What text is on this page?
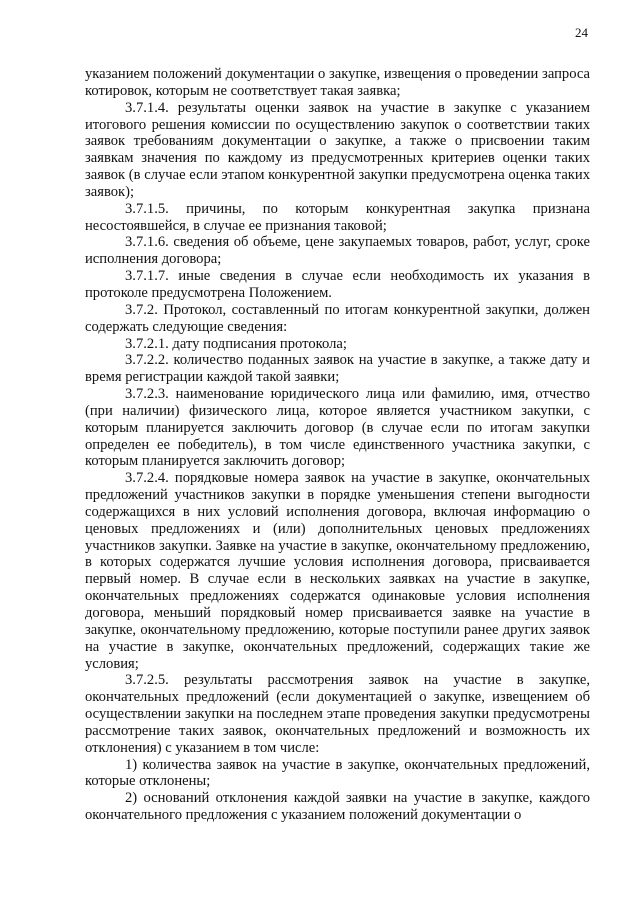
24

указанием положений документации о закупке, извещения о проведении запроса котировок, которым не соответствует такая заявка;

3.7.1.4. результаты оценки заявок на участие в закупке с указанием итогового решения комиссии по осуществлению закупок о соответствии таких заявок требованиям документации о закупке, а также о присвоении таким заявкам значения по каждому из предусмотренных критериев оценки таких заявок (в случае если этапом конкурентной закупки предусмотрена оценка таких заявок);

3.7.1.5. причины, по которым конкурентная закупка признана несостоявшейся, в случае ее признания таковой;

3.7.1.6. сведения об объеме, цене закупаемых товаров, работ, услуг, сроке исполнения договора;

3.7.1.7. иные сведения в случае если необходимость их указания в протоколе предусмотрена Положением.

3.7.2. Протокол, составленный по итогам конкурентной закупки, должен содержать следующие сведения:

3.7.2.1. дату подписания протокола;

3.7.2.2. количество поданных заявок на участие в закупке, а также дату и время регистрации каждой такой заявки;

3.7.2.3. наименование юридического лица или фамилию, имя, отчество (при наличии) физического лица, которое является участником закупки, с которым планируется заключить договор (в случае если по итогам закупки определен ее победитель), в том числе единственного участника закупки, с которым планируется заключить договор;

3.7.2.4. порядковые номера заявок на участие в закупке, окончательных предложений участников закупки в порядке уменьшения степени выгодности содержащихся в них условий исполнения договора, включая информацию о ценовых предложениях и (или) дополнительных ценовых предложениях участников закупки. Заявке на участие в закупке, окончательному предложению, в которых содержатся лучшие условия исполнения договора, присваивается первый номер. В случае если в нескольких заявках на участие в закупке, окончательных предложениях содержатся одинаковые условия исполнения договора, меньший порядковый номер присваивается заявке на участие в закупке, окончательному предложению, которые поступили ранее других заявок на участие в закупке, окончательных предложений, содержащих такие же условия;

3.7.2.5. результаты рассмотрения заявок на участие в закупке, окончательных предложений (если документацией о закупке, извещением об осуществлении закупки на последнем этапе проведения закупки предусмотрены рассмотрение таких заявок, окончательных предложений и возможность их отклонения) с указанием в том числе:

1) количества заявок на участие в закупке, окончательных предложений, которые отклонены;

2) оснований отклонения каждой заявки на участие в закупке, каждого окончательного предложения с указанием положений документации о
